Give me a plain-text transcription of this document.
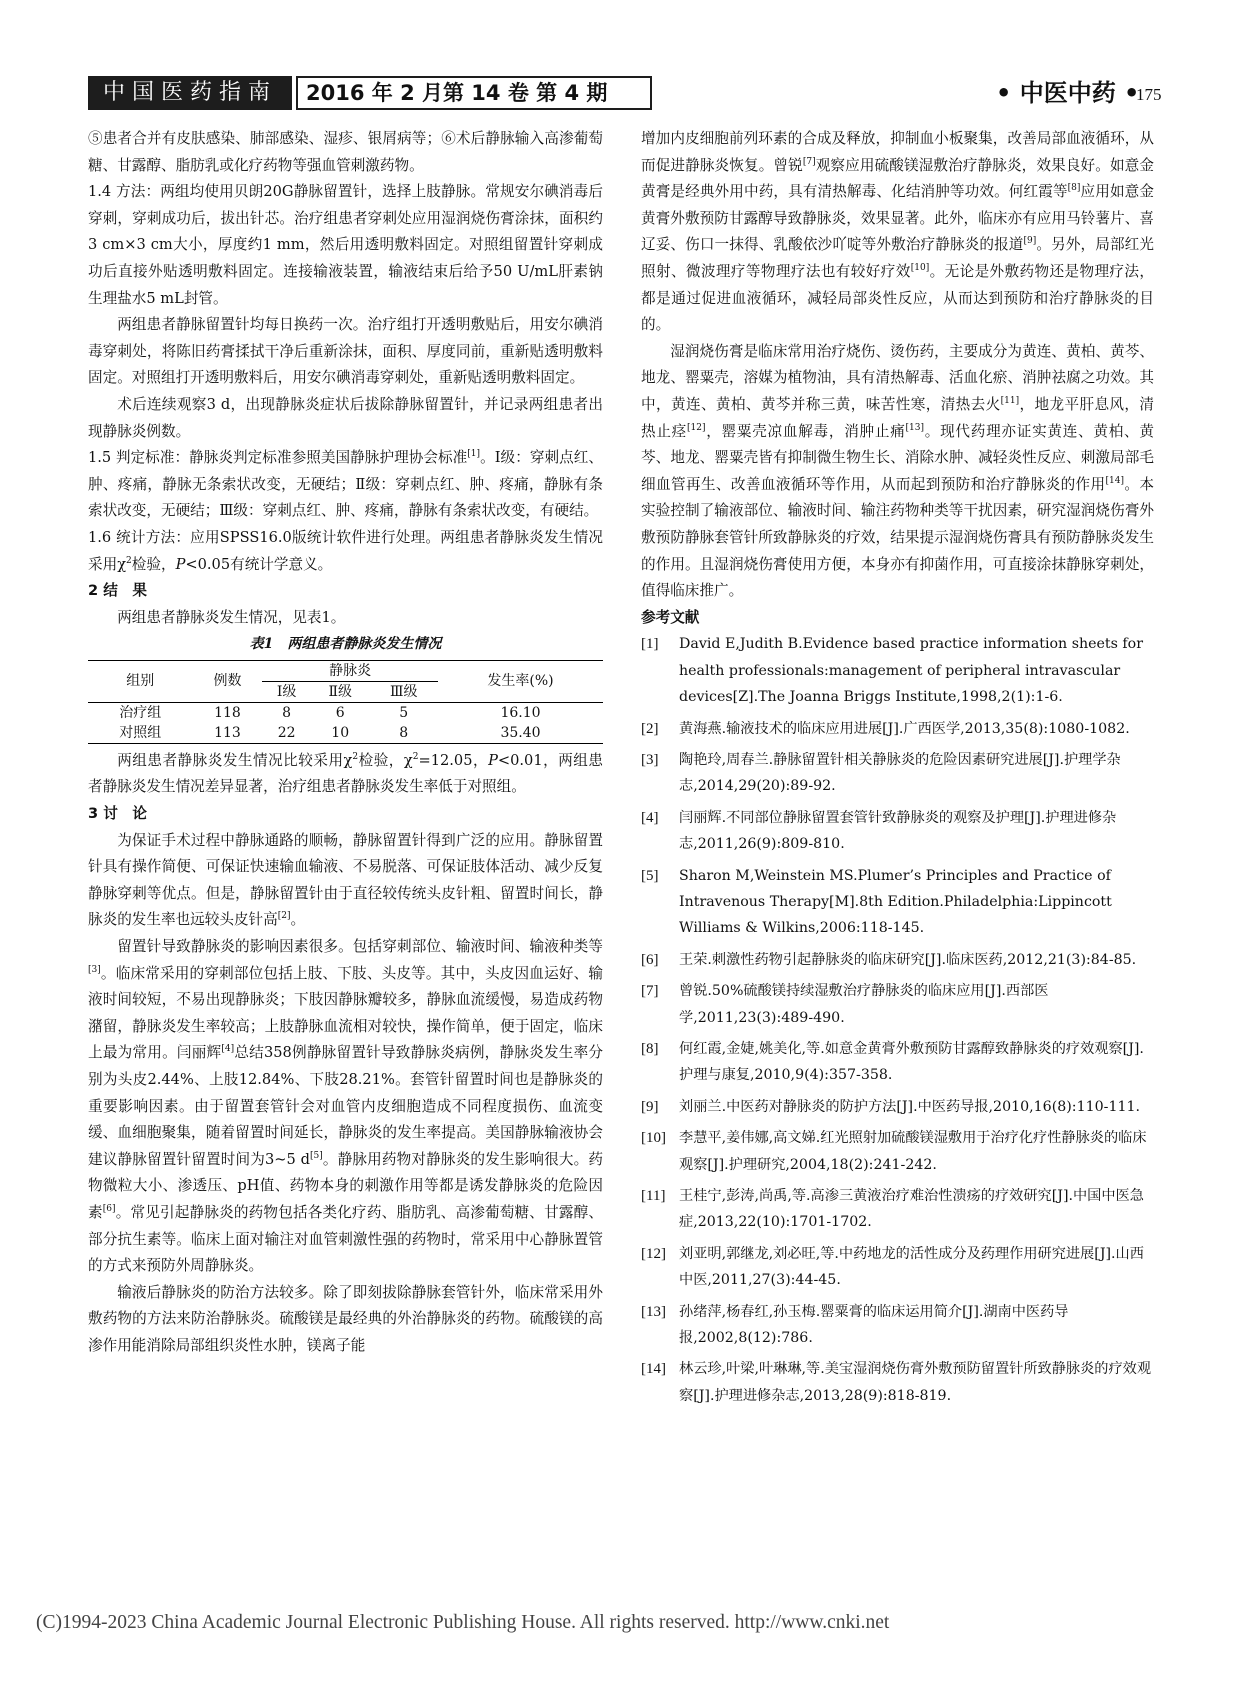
中国医药指南	2016 年 2 月第 14 卷 第 4 期	• 中医中药 •
175

⑤患者合并有皮肤感染、肺部感染、湿疹、银屑病等；⑥术后静脉输入高渗葡萄糖、甘露醇、脂肪乳或化疗药物等强血管刺激药物。

1.4 方法：两组均使用贝朗20G静脉留置针，选择上肢静脉。常规安尔碘消毒后穿刺，穿刺成功后，拔出针芯。治疗组患者穿刺处应用湿润烧伤膏涂抹，面积约3 cm×3 cm大小，厚度约1 mm，然后用透明敷料固定。对照组留置针穿刺成功后直接外贴透明敷料固定。连接输液装置，输液结束后给予50 U/mL肝素钠生理盐水5 mL封管。

两组患者静脉留置针均每日换药一次。治疗组打开透明敷贴后，用安尔碘消毒穿刺处，将陈旧药膏揉拭干净后重新涂抹，面积、厚度同前，重新贴透明敷料固定。对照组打开透明敷料后，用安尔碘消毒穿刺处，重新贴透明敷料固定。

术后连续观察3 d，出现静脉炎症状后拔除静脉留置针，并记录两组患者出现静脉炎例数。

1.5 判定标准：静脉炎判定标准参照美国静脉护理协会标准[1]。Ⅰ级：穿刺点红、肿、疼痛，静脉无条索状改变，无硬结；Ⅱ级：穿刺点红、肿、疼痛，静脉有条索状改变，无硬结；Ⅲ级：穿刺点红、肿、疼痛，静脉有条索状改变，有硬结。

1.6 统计方法：应用SPSS16.0版统计软件进行处理。两组患者静脉炎发生情况采用$\chi^2$检验，P<0.05有统计学意义。

2 结　果

两组患者静脉炎发生情况，见表1。

表1　两组患者静脉炎发生情况

组别	例数	静脉炎			发生率(%)
		Ⅰ级	Ⅱ级	Ⅲ级	
治疗组	118	8	6	5	16.10
对照组	113	22	10	8	35.40

两组患者静脉炎发生情况比较采用$\chi^2$检验，$\chi^2=12.05$，P<0.01，两组患者静脉炎发生情况差异显著，治疗组患者静脉炎发生率低于对照组。

3 讨　论

为保证手术过程中静脉通路的顺畅，静脉留置针得到广泛的应用。静脉留置针具有操作简便、可保证快速输血输液、不易脱落、可保证肢体活动、减少反复静脉穿刺等优点。但是，静脉留置针由于直径较传统头皮针粗、留置时间长，静脉炎的发生率也远较头皮针高[2]。

留置针导致静脉炎的影响因素很多。包括穿刺部位、输液时间、输液种类等[3]。临床常采用的穿刺部位包括上肢、下肢、头皮等。其中，头皮因血运好、输液时间较短，不易出现静脉炎；下肢因静脉瓣较多，静脉血流缓慢，易造成药物潴留，静脉炎发生率较高；上肢静脉血流相对较快，操作简单，便于固定，临床上最为常用。闫丽辉[4]总结358例静脉留置针导致静脉炎病例，静脉炎发生率分别为头皮2.44%、上肢12.84%、下肢28.21%。套管针留置时间也是静脉炎的重要影响因素。由于留置套管针会对血管内皮细胞造成不同程度损伤、血流变缓、血细胞聚集，随着留置时间延长，静脉炎的发生率提高。美国静脉输液协会建议静脉留置针留置时间为3~5 d[5]。静脉用药物对静脉炎的发生影响很大。药物微粒大小、渗透压、pH值、药物本身的刺激作用等都是诱发静脉炎的危险因素[6]。常见引起静脉炎的药物包括各类化疗药、脂肪乳、高渗葡萄糖、甘露醇、部分抗生素等。临床上面对输注对血管刺激性强的药物时，常采用中心静脉置管的方式来预防外周静脉炎。

输液后静脉炎的防治方法较多。除了即刻拔除静脉套管针外，临床常采用外敷药物的方法来防治静脉炎。硫酸镁是最经典的外治静脉炎的药物。硫酸镁的高渗作用能消除局部组织炎性水肿，镁离子能

增加内皮细胞前列环素的合成及释放，抑制血小板聚集，改善局部血液循环，从而促进静脉炎恢复。曾锐[7]观察应用硫酸镁湿敷治疗静脉炎，效果良好。如意金黄膏是经典外用中药，具有清热解毒、化结消肿等功效。何红霞等[8]应用如意金黄膏外敷预防甘露醇导致静脉炎，效果显著。此外，临床亦有应用马铃薯片、喜辽妥、伤口一抹得、乳酸依沙吖啶等外敷治疗静脉炎的报道[9]。另外，局部红光照射、微波理疗等物理疗法也有较好疗效[10]。无论是外敷药物还是物理疗法，都是通过促进血液循环，减轻局部炎性反应，从而达到预防和治疗静脉炎的目的。

湿润烧伤膏是临床常用治疗烧伤、烫伤药，主要成分为黄连、黄柏、黄芩、地龙、罂粟壳，溶媒为植物油，具有清热解毒、活血化瘀、消肿祛腐之功效。其中，黄连、黄柏、黄芩并称三黄，味苦性寒，清热去火[11]，地龙平肝息风，清热止痉[12]，罂粟壳凉血解毒，消肿止痛[13]。现代药理亦证实黄连、黄柏、黄芩、地龙、罂粟壳皆有抑制微生物生长、消除水肿、减轻炎性反应、刺激局部毛细血管再生、改善血液循环等作用，从而起到预防和治疗静脉炎的作用[14]。本实验控制了输液部位、输液时间、输注药物种类等干扰因素，研究湿润烧伤膏外敷预防静脉套管针所致静脉炎的疗效，结果提示湿润烧伤膏具有预防静脉炎发生的作用。且湿润烧伤膏使用方便，本身亦有抑菌作用，可直接涂抹静脉穿刺处，值得临床推广。

参考文献

[1]	David E,Judith B.Evidence based practice information sheets for health professionals:management of peripheral intravascular devices[Z].The Joanna Briggs Institute,1998,2(1):1-6.
[2]	黄海燕.输液技术的临床应用进展[J].广西医学,2013,35(8):1080-1082.
[3]	陶艳玲,周春兰.静脉留置针相关静脉炎的危险因素研究进展[J].护理学杂志,2014,29(20):89-92.
[4]	闫丽辉.不同部位静脉留置套管针致静脉炎的观察及护理[J].护理进修杂志,2011,26(9):809-810.
[5]	Sharon M,Weinstein MS.Plumer’s Principles and Practice of Intravenous Therapy[M].8th Edition.Philadelphia:Lippincott Williams & Wilkins,2006:118-145.
[6]	王荣.刺激性药物引起静脉炎的临床研究[J].临床医药,2012,21(3):84-85.
[7]	曾锐.50%硫酸镁持续湿敷治疗静脉炎的临床应用[J].西部医学,2011,23(3):489-490.
[8]	何红霞,金婕,姚美化,等.如意金黄膏外敷预防甘露醇致静脉炎的疗效观察[J].护理与康复,2010,9(4):357-358.
[9]	刘丽兰.中医药对静脉炎的防护方法[J].中医药导报,2010,16(8):110-111.
[10] 李慧平,姜伟娜,高文娣.红光照射加硫酸镁湿敷用于治疗化疗性静脉炎的临床观察[J].护理研究,2004,18(2):241-242.
[11] 王桂宁,彭涛,尚禹,等.高渗三黄液治疗难治性溃疡的疗效研究[J].中国中医急症,2013,22(10):1701-1702.
[12] 刘亚明,郭继龙,刘必旺,等.中药地龙的活性成分及药理作用研究进展[J].山西中医,2011,27(3):44-45.
[13] 孙绪萍,杨春红,孙玉梅.罂粟膏的临床运用简介[J].湖南中医药导报,2002,8(12):786.
[14] 林云珍,叶梁,叶琳琳,等.美宝湿润烧伤膏外敷预防留置针所致静脉炎的疗效观察[J].护理进修杂志,2013,28(9):818-819.
(C)1994-2023 China Academic Journal Electronic Publishing House. All rights reserved. http://www.cnki.net
